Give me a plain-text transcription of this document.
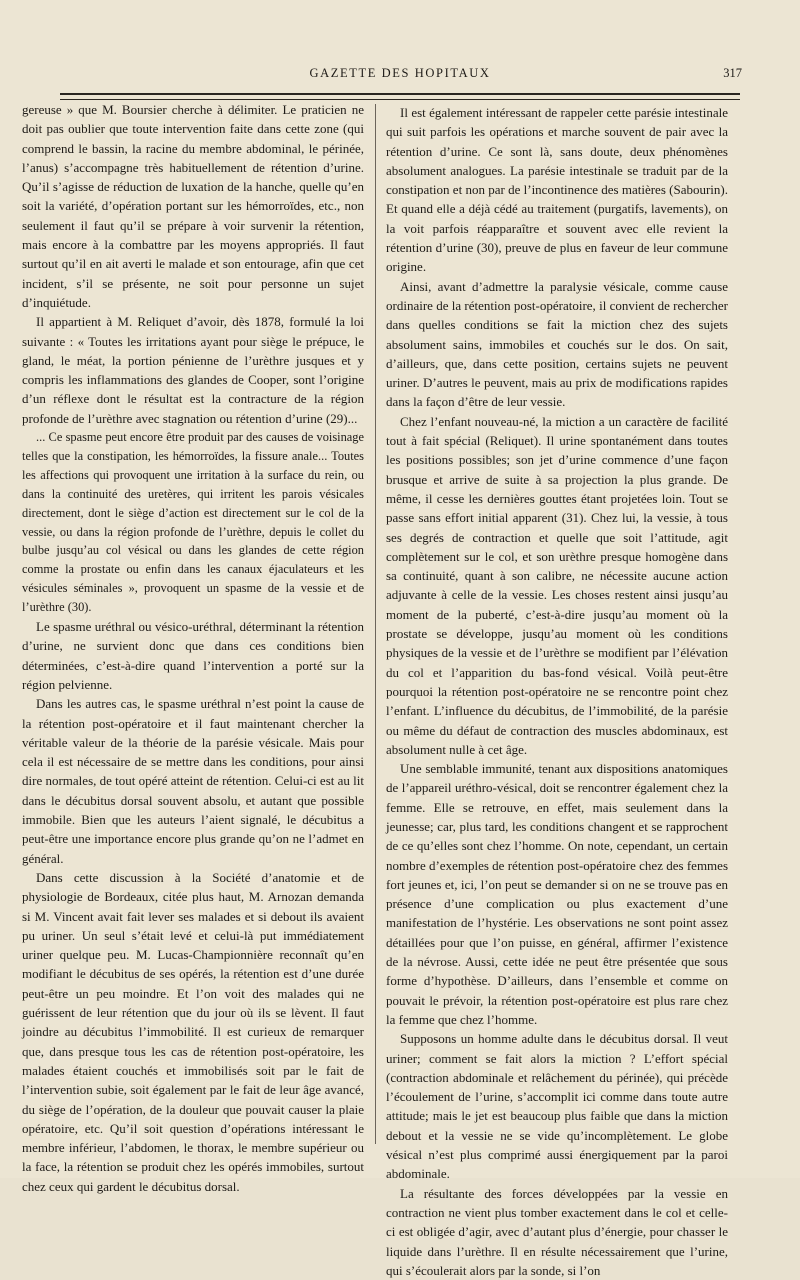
GAZETTE DES HOPITAUX	317

gereuse » que M. Boursier cherche à délimiter. Le praticien ne doit pas oublier que toute intervention faite dans cette zone (qui comprend le bassin, la racine du membre abdominal, le périnée, l’anus) s’accompagne très habituellement de rétention d’urine. Qu’il s’agisse de réduction de luxation de la hanche, quelle qu’en soit la variété, d’opération portant sur les hémorroïdes, etc., non seulement il faut qu’il se prépare à voir survenir la rétention, mais encore à la combattre par les moyens appropriés. Il faut surtout qu’il en ait averti le malade et son entourage, afin que cet incident, s’il se présente, ne soit pour personne un sujet d’inquiétude.

Il appartient à M. Reliquet d’avoir, dès 1878, formulé la loi suivante : « Toutes les irritations ayant pour siège le prépuce, le gland, le méat, la portion pénienne de l’urèthre jusques et y compris les inflammations des glandes de Cooper, sont l’origine d’un réflexe dont le résultat est la contracture de la région profonde de l’urèthre avec stagnation ou rétention d’urine (29)...

... Ce spasme peut encore être produit par des causes de voisinage telles que la constipation, les hémorroïdes, la fissure anale... Toutes les affections qui provoquent une irritation à la surface du rein, ou dans la continuité des uretères, qui irritent les parois vésicales directement, dont le siège d’action est directement sur le col de la vessie, ou dans la région profonde de l’urèthre, depuis le collet du bulbe jusqu’au col vésical ou dans les glandes de cette région comme la prostate ou enfin dans les canaux éjaculateurs et les vésicules séminales », provoquent un spasme de la vessie et de l’urèthre (30).

Le spasme uréthral ou vésico-uréthral, déterminant la rétention d’urine, ne survient donc que dans ces conditions bien déterminées, c’est-à-dire quand l’intervention a porté sur la région pelvienne.

Dans les autres cas, le spasme uréthral n’est point la cause de la rétention post-opératoire et il faut maintenant chercher la véritable valeur de la théorie de la parésie vésicale. Mais pour cela il est nécessaire de se mettre dans les conditions, pour ainsi dire normales, de tout opéré atteint de rétention. Celui-ci est au lit dans le décubitus dorsal souvent absolu, et autant que possible immobile. Bien que les auteurs l’aient signalé, le décubitus a peut-être une importance encore plus grande qu’on ne l’admet en général.

Dans cette discussion à la Société d’anatomie et de physiologie de Bordeaux, citée plus haut, M. Arnozan demanda si M. Vincent avait fait lever ses malades et si debout ils avaient pu uriner. Un seul s’était levé et celui-là put immédiatement uriner quelque peu. M. Lucas-Championnière reconnaît qu’en modifiant le décubitus de ses opérés, la rétention est d’une durée peut-être un peu moindre. Et l’on voit des malades qui ne guérissent de leur rétention que du jour où ils se lèvent. Il faut joindre au décubitus l’immobilité. Il est curieux de remarquer que, dans presque tous les cas de rétention post-opératoire, les malades étaient couchés et immobilisés soit par le fait de l’intervention subie, soit également par le fait de leur âge avancé, du siège de l’opération, de la douleur que pouvait causer la plaie opératoire, etc. Qu’il soit question d’opérations intéressant le membre inférieur, l’abdomen, le thorax, le membre supérieur ou la face, la rétention se produit chez les opérés immobiles, surtout chez ceux qui gardent le décubitus dorsal.

Il est également intéressant de rappeler cette parésie intestinale qui suit parfois les opérations et marche souvent de pair avec la rétention d’urine. Ce sont là, sans doute, deux phénomènes absolument analogues. La parésie intestinale se traduit par de la constipation et non par de l’incontinence des matières (Sabourin). Et quand elle a déjà cédé au traitement (purgatifs, lavements), on la voit parfois réapparaître et souvent avec elle revient la rétention d’urine (30), preuve de plus en faveur de leur commune origine.

Ainsi, avant d’admettre la paralysie vésicale, comme cause ordinaire de la rétention post-opératoire, il convient de rechercher dans quelles conditions se fait la miction chez des sujets absolument sains, immobiles et couchés sur le dos. On sait, d’ailleurs, que, dans cette position, certains sujets ne peuvent uriner. D’autres le peuvent, mais au prix de modifications rapides dans la façon d’être de leur vessie.

Chez l’enfant nouveau-né, la miction a un caractère de facilité tout à fait spécial (Reliquet). Il urine spontanément dans toutes les positions possibles; son jet d’urine commence d’une façon brusque et arrive de suite à sa projection la plus grande. De même, il cesse les dernières gouttes étant projetées loin. Tout se passe sans effort initial apparent (31). Chez lui, la vessie, à tous ses degrés de contraction et quelle que soit l’attitude, agit complètement sur le col, et son urèthre presque homogène dans sa continuité, quant à son calibre, ne nécessite aucune action adjuvante à celle de la vessie. Les choses restent ainsi jusqu’au moment de la puberté, c’est-à-dire jusqu’au moment où la prostate se développe, jusqu’au moment où les conditions physiques de la vessie et de l’urèthre se modifient par l’élévation du col et l’apparition du bas-fond vésical. Voilà peut-être pourquoi la rétention post-opératoire ne se rencontre point chez l’enfant. L’influence du décubitus, de l’immobilité, de la parésie ou même du défaut de contraction des muscles abdominaux, est absolument nulle à cet âge.

Une semblable immunité, tenant aux dispositions anatomiques de l’appareil uréthro-vésical, doit se rencontrer également chez la femme. Elle se retrouve, en effet, mais seulement dans la jeunesse; car, plus tard, les conditions changent et se rapprochent de ce qu’elles sont chez l’homme. On note, cependant, un certain nombre d’exemples de rétention post-opératoire chez des femmes fort jeunes et, ici, l’on peut se demander si on ne se trouve pas en présence d’une complication ou plus exactement d’une manifestation de l’hystérie. Les observations ne sont point assez détaillées pour que l’on puisse, en général, affirmer l’existence de la névrose. Aussi, cette idée ne peut être présentée que sous forme d’hypothèse. D’ailleurs, dans l’ensemble et comme on pouvait le prévoir, la rétention post-opératoire est plus rare chez la femme que chez l’homme.

Supposons un homme adulte dans le décubitus dorsal. Il veut uriner; comment se fait alors la miction ? L’effort spécial (contraction abdominale et relâchement du périnée), qui précède l’écoulement de l’urine, s’accomplit ici comme dans toute autre attitude; mais le jet est beaucoup plus faible que dans la miction debout et la vessie ne se vide qu’incomplètement. Le globe vésical n’est plus comprimé aussi énergiquement par la paroi abdominale.

La résultante des forces développées par la vessie en contraction ne vient plus tomber exactement dans le col et celle-ci est obligée d’agir, avec d’autant plus d’énergie, pour chasser le liquide dans l’urèthre. Il en résulte nécessairement que l’urine, qui s’écoulerait alors par la sonde, si l’on
